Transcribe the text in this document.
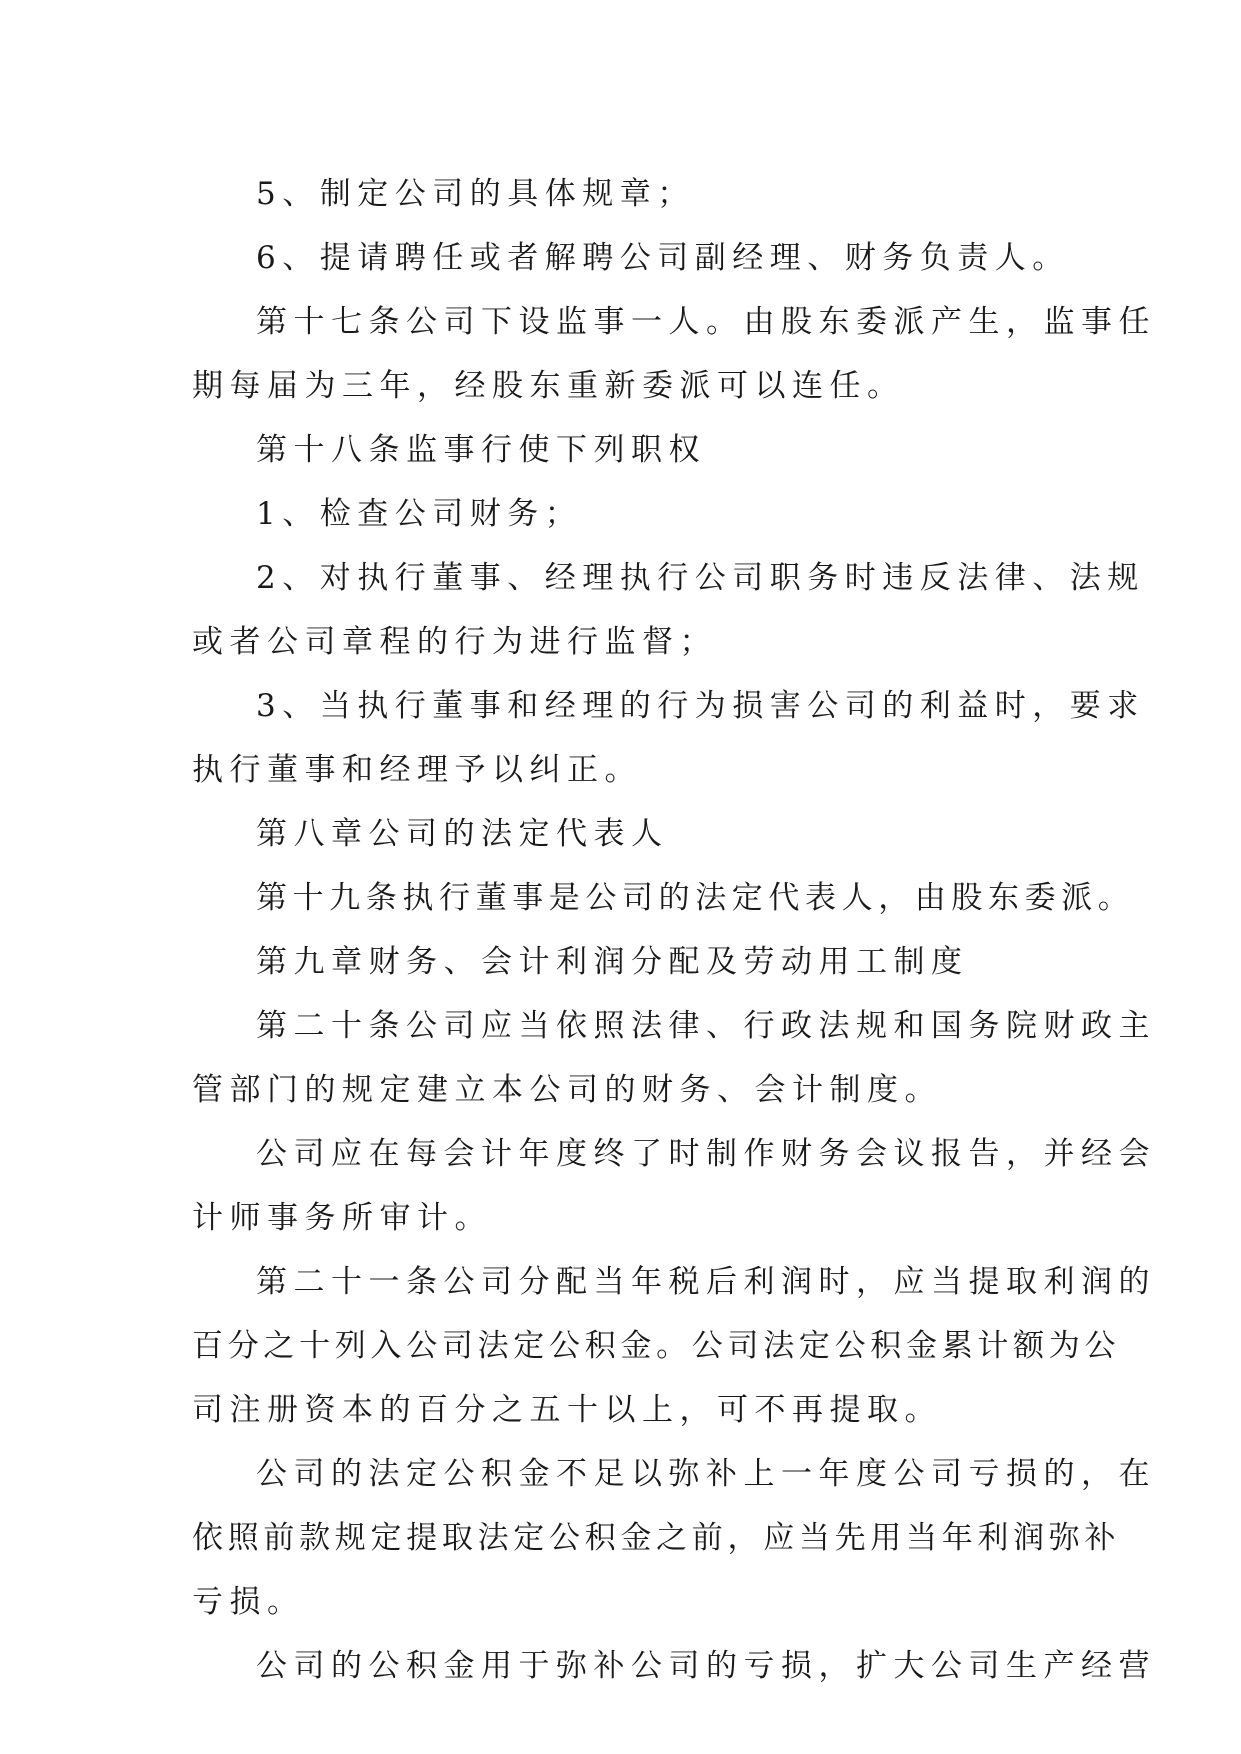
5、制定公司的具体规章；
6、提请聘任或者解聘公司副经理、财务负责人。
第十七条公司下设监事一人。由股东委派产生，监事任
期每届为三年，经股东重新委派可以连任。
第十八条监事行使下列职权
1、检查公司财务；
2、对执行董事、经理执行公司职务时违反法律、法规
或者公司章程的行为进行监督；
3、当执行董事和经理的行为损害公司的利益时，要求
执行董事和经理予以纠正。
第八章公司的法定代表人
第十九条执行董事是公司的法定代表人，由股东委派。
第九章财务、会计利润分配及劳动用工制度
第二十条公司应当依照法律、行政法规和国务院财政主
管部门的规定建立本公司的财务、会计制度。
公司应在每会计年度终了时制作财务会议报告，并经会
计师事务所审计。
第二十一条公司分配当年税后利润时，应当提取利润的
百分之十列入公司法定公积金。公司法定公积金累计额为公
司注册资本的百分之五十以上，可不再提取。
公司的法定公积金不足以弥补上一年度公司亏损的，在
依照前款规定提取法定公积金之前，应当先用当年利润弥补
亏损。
公司的公积金用于弥补公司的亏损，扩大公司生产经营
